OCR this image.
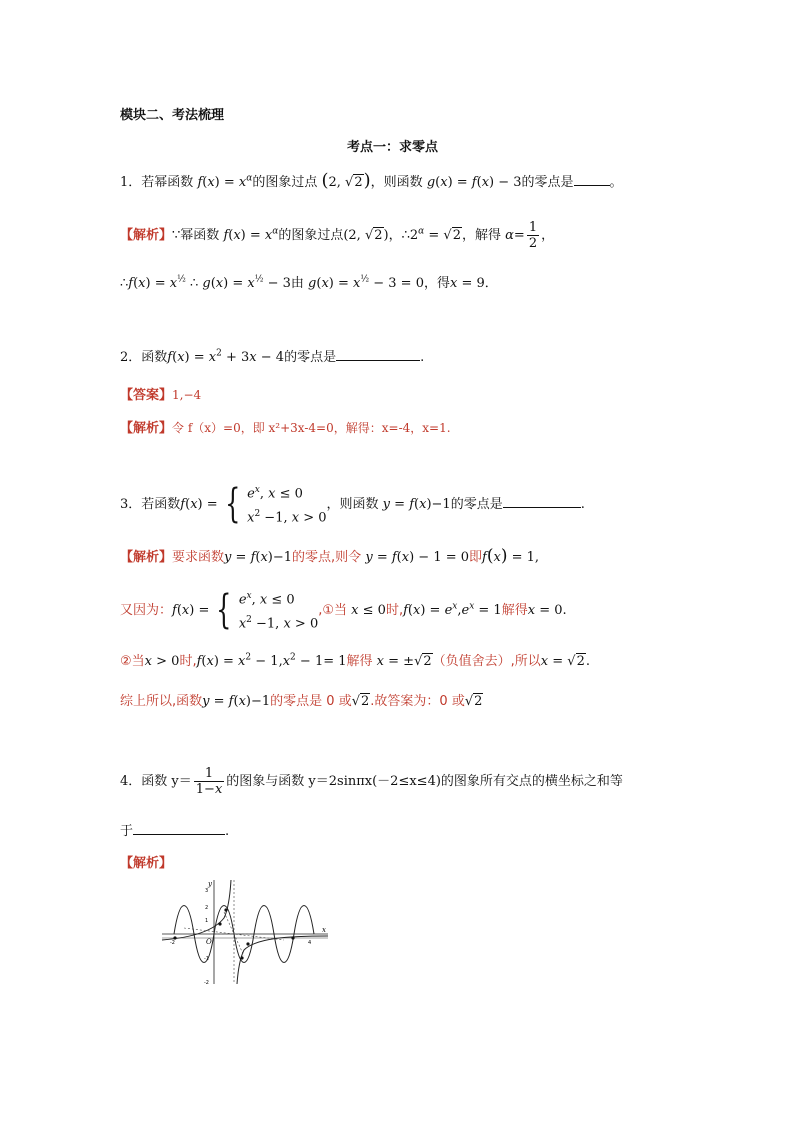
模块二、考法梳理
考点一：求零点
1．若幂函数 $f(x) = x^\alpha$的图象过点 (2, √2)，则函数 g(x) = f(x) − 3的零点是	。
【解析】∵幂函数 $f(x) = x^\alpha$的图象过点(2, √2)，$\therefore 2^\alpha = √2$，解得 $\alpha= \frac{1}{2}$ ，
∴f(x) = $x^{\frac{1}{2}}$ ∴ $g(x) = x^{\frac{1}{2}} - 3$由 $g(x) = x^{\frac{1}{2}} - 3 = 0$，得x = 9．
2．函数$f(x) = x^2 + 3x - 4$的零点是	.
【答案】1,−4
【解析】令 f（x）=0，即 x²+3x-4=0，解得：x=-4，x=1.
3．若函数f(x) = { $e^x$, x ≤ 0
$x^2 -1$, x > 0
，则函数 y = f(x)−1的零点是	.
【解析】要求函数y = f(x)−1的零点,则令 y = f(x) − 1 = 0即f(x) = 1,
又因为：f(x) = { $e^x$, x ≤ 0
$x^2 -1$, x > 0
,①当 x ≤ 0时$,f(x) = e^x,e^x = 1$解得x = 0.
②当x > 0时$,f(x) = x^2 - 1,x^2 - 1= 1$解得 x = ±√2（负值舍去）,所以x = √2.
综上所以,函数y = f(x)−1的零点是 0 或√2.故答案为：0 或√2
4．函数 $y= \frac{1}{1-x}$ 的图象与函数 y＝2sinπx(－2≤x≤4)的图象所有交点的横坐标之和等
于	.
【解析】
x
y
O
3
2
1
-1
-2
4
-2
